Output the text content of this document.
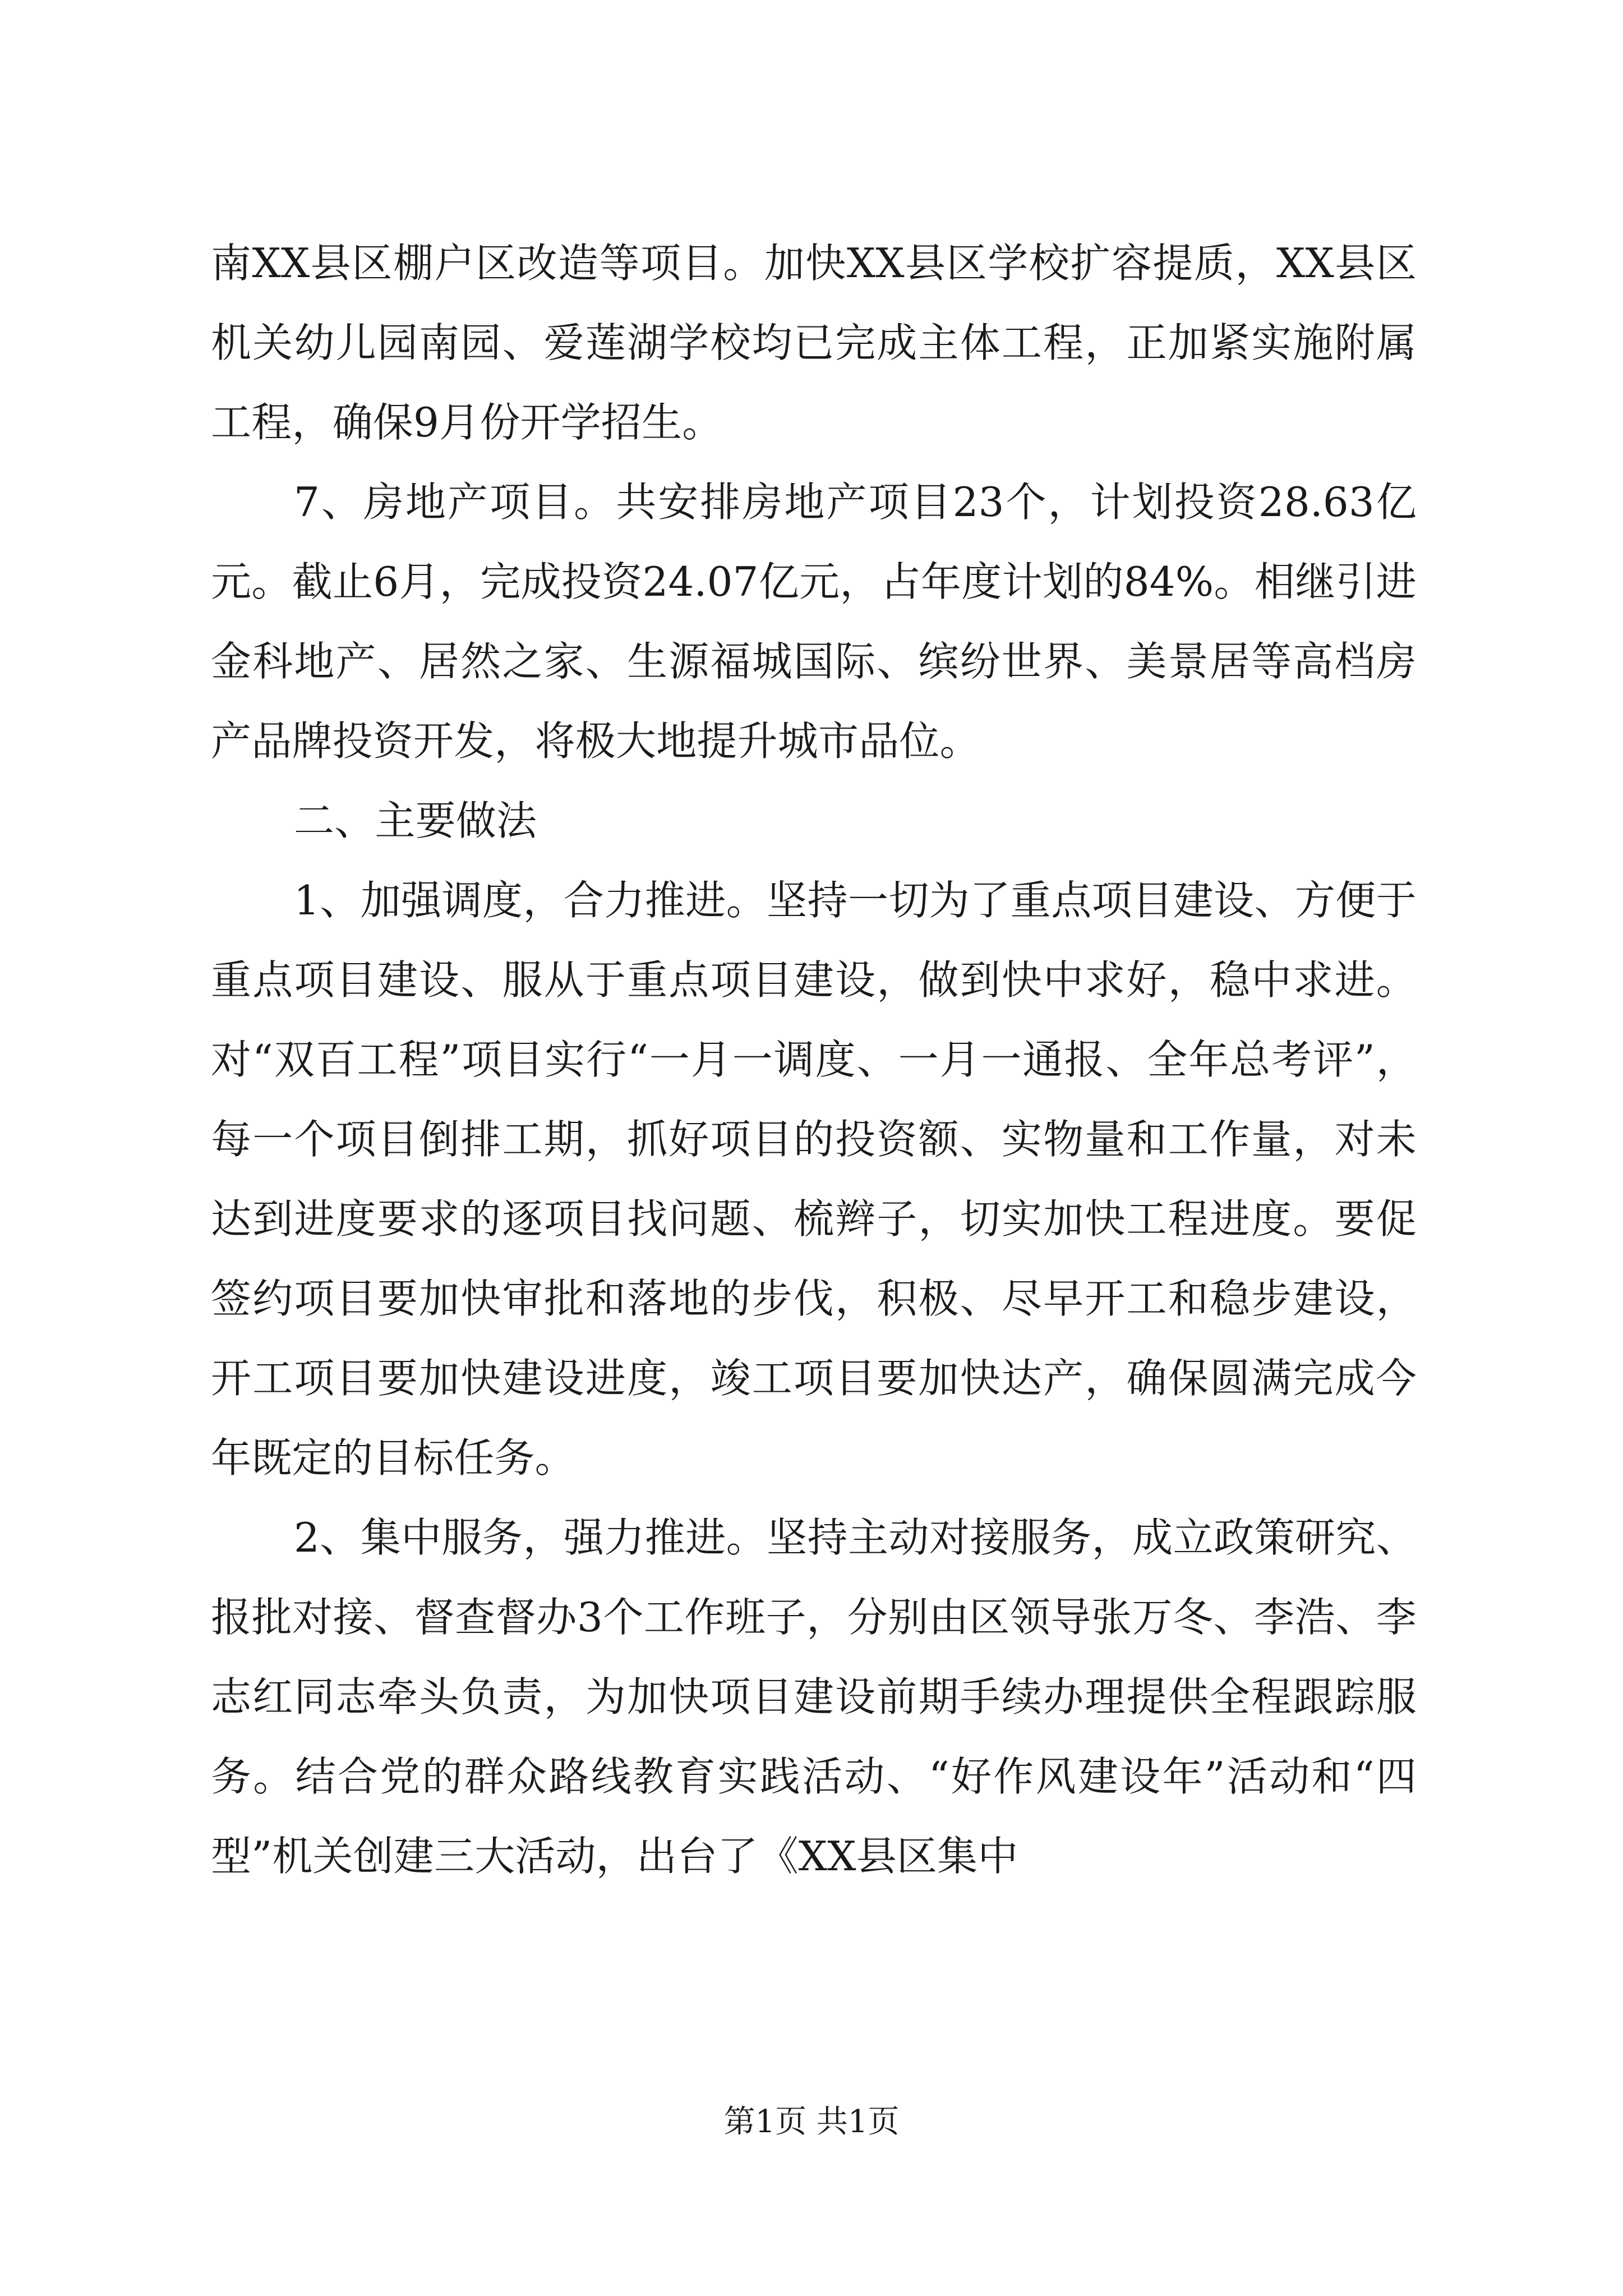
南XX县区棚户区改造等项目。加快XX县区学校扩容提质，XX县区机关幼儿园南园、爱莲湖学校均已完成主体工程，正加紧实施附属工程，确保9月份开学招生。

7、房地产项目。共安排房地产项目23个，计划投资28.63亿元。截止6月，完成投资24.07亿元，占年度计划的84%。相继引进金科地产、居然之家、生源福城国际、缤纷世界、美景居等高档房产品牌投资开发，将极大地提升城市品位。

二、主要做法

1、加强调度，合力推进。坚持一切为了重点项目建设、方便于重点项目建设、服从于重点项目建设，做到快中求好，稳中求进。对“双百工程”项目实行“一月一调度、一月一通报、全年总考评”，每一个项目倒排工期，抓好项目的投资额、实物量和工作量，对未达到进度要求的逐项目找问题、梳辫子，切实加快工程进度。要促签约项目要加快审批和落地的步伐，积极、尽早开工和稳步建设，开工项目要加快建设进度，竣工项目要加快达产，确保圆满完成今年既定的目标任务。

2、集中服务，强力推进。坚持主动对接服务，成立政策研究、报批对接、督查督办3个工作班子，分别由区领导张万冬、李浩、李志红同志牵头负责，为加快项目建设前期手续办理提供全程跟踪服务。结合党的群众路线教育实践活动、“好作风建设年”活动和“四型”机关创建三大活动，出台了《XX县区集中

第1页 共1页
